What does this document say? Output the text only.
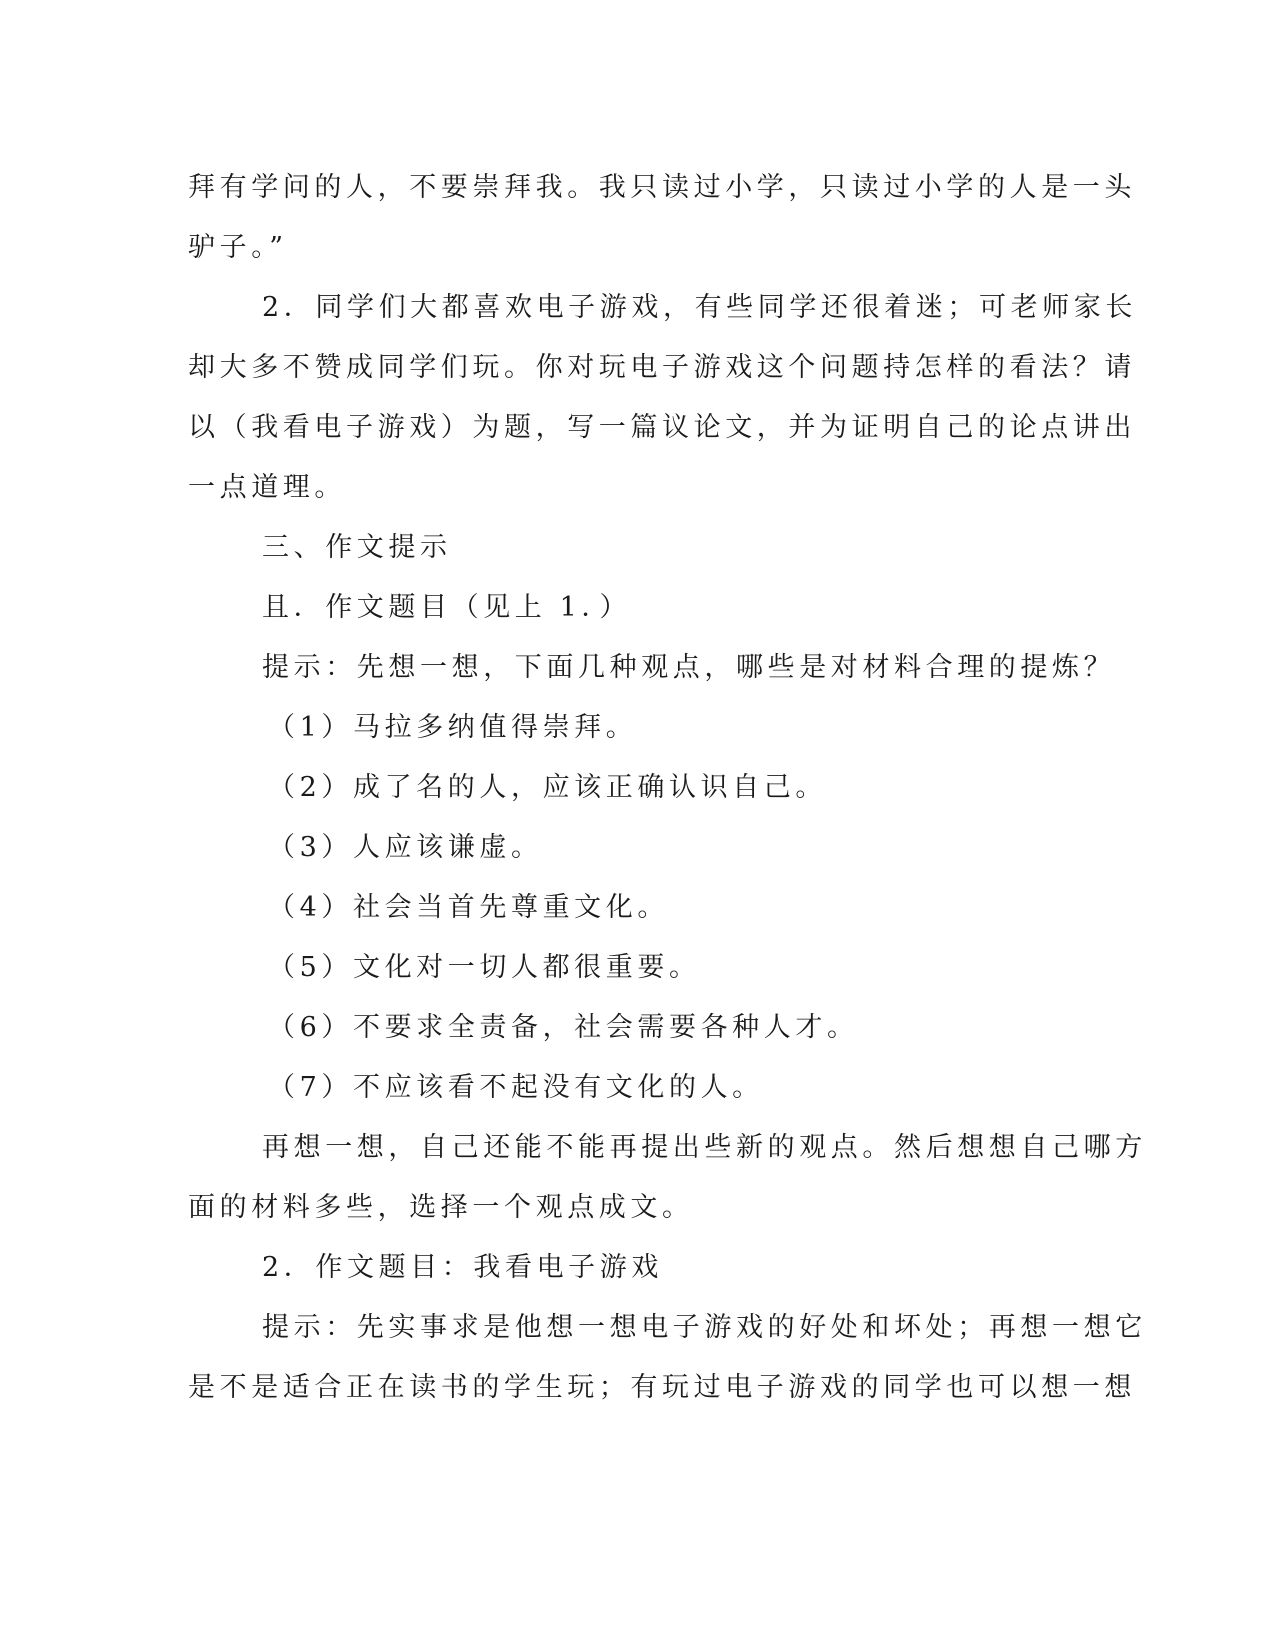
拜有学问的人，不要崇拜我。我只读过小学，只读过小学的人是一头
驴子。”
2．同学们大都喜欢电子游戏，有些同学还很着迷；可老师家长
却大多不赞成同学们玩。你对玩电子游戏这个问题持怎样的看法？请
以（我看电子游戏）为题，写一篇议论文，并为证明自己的论点讲出
一点道理。
三、作文提示
且．作文题目（见上 1．）
提示：先想一想，下面几种观点，哪些是对材料合理的提炼？
（1）马拉多纳值得崇拜。
（2）成了名的人，应该正确认识自己。
（3）人应该谦虚。
（4）社会当首先尊重文化。
（5）文化对一切人都很重要。
（6）不要求全责备，社会需要各种人才。
（7）不应该看不起没有文化的人。
再想一想，自己还能不能再提出些新的观点。然后想想自己哪方
面的材料多些，选择一个观点成文。
2．作文题目：我看电子游戏
提示：先实事求是他想一想电子游戏的好处和坏处；再想一想它
是不是适合正在读书的学生玩；有玩过电子游戏的同学也可以想一想
